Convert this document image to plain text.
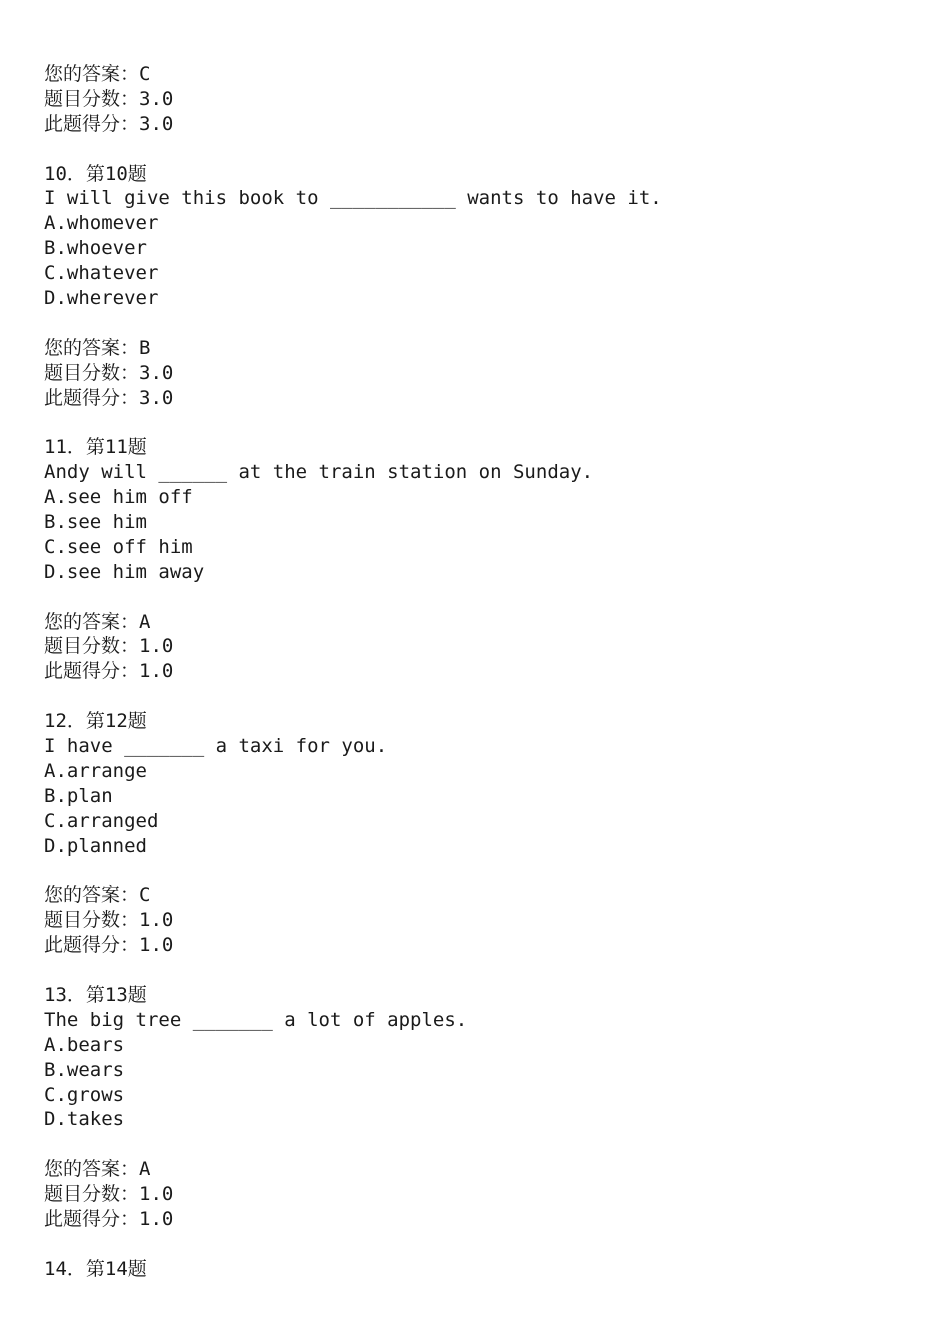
您的答案：C
题目分数：3.0
此题得分：3.0
10．第10题
I will give this book to ___________ wants to have it.
A.whomever
B.whoever
C.whatever
D.wherever
您的答案：B
题目分数：3.0
此题得分：3.0
11．第11题
Andy will ______ at the train station on Sunday.
A.see him off
B.see him
C.see off him
D.see him away
您的答案：A
题目分数：1.0
此题得分：1.0
12．第12题
I have _______ a taxi for you.
A.arrange
B.plan
C.arranged
D.planned
您的答案：C
题目分数：1.0
此题得分：1.0
13．第13题
The big tree _______ a lot of apples.
A.bears
B.wears
C.grows
D.takes
您的答案：A
题目分数：1.0
此题得分：1.0
14．第14题
